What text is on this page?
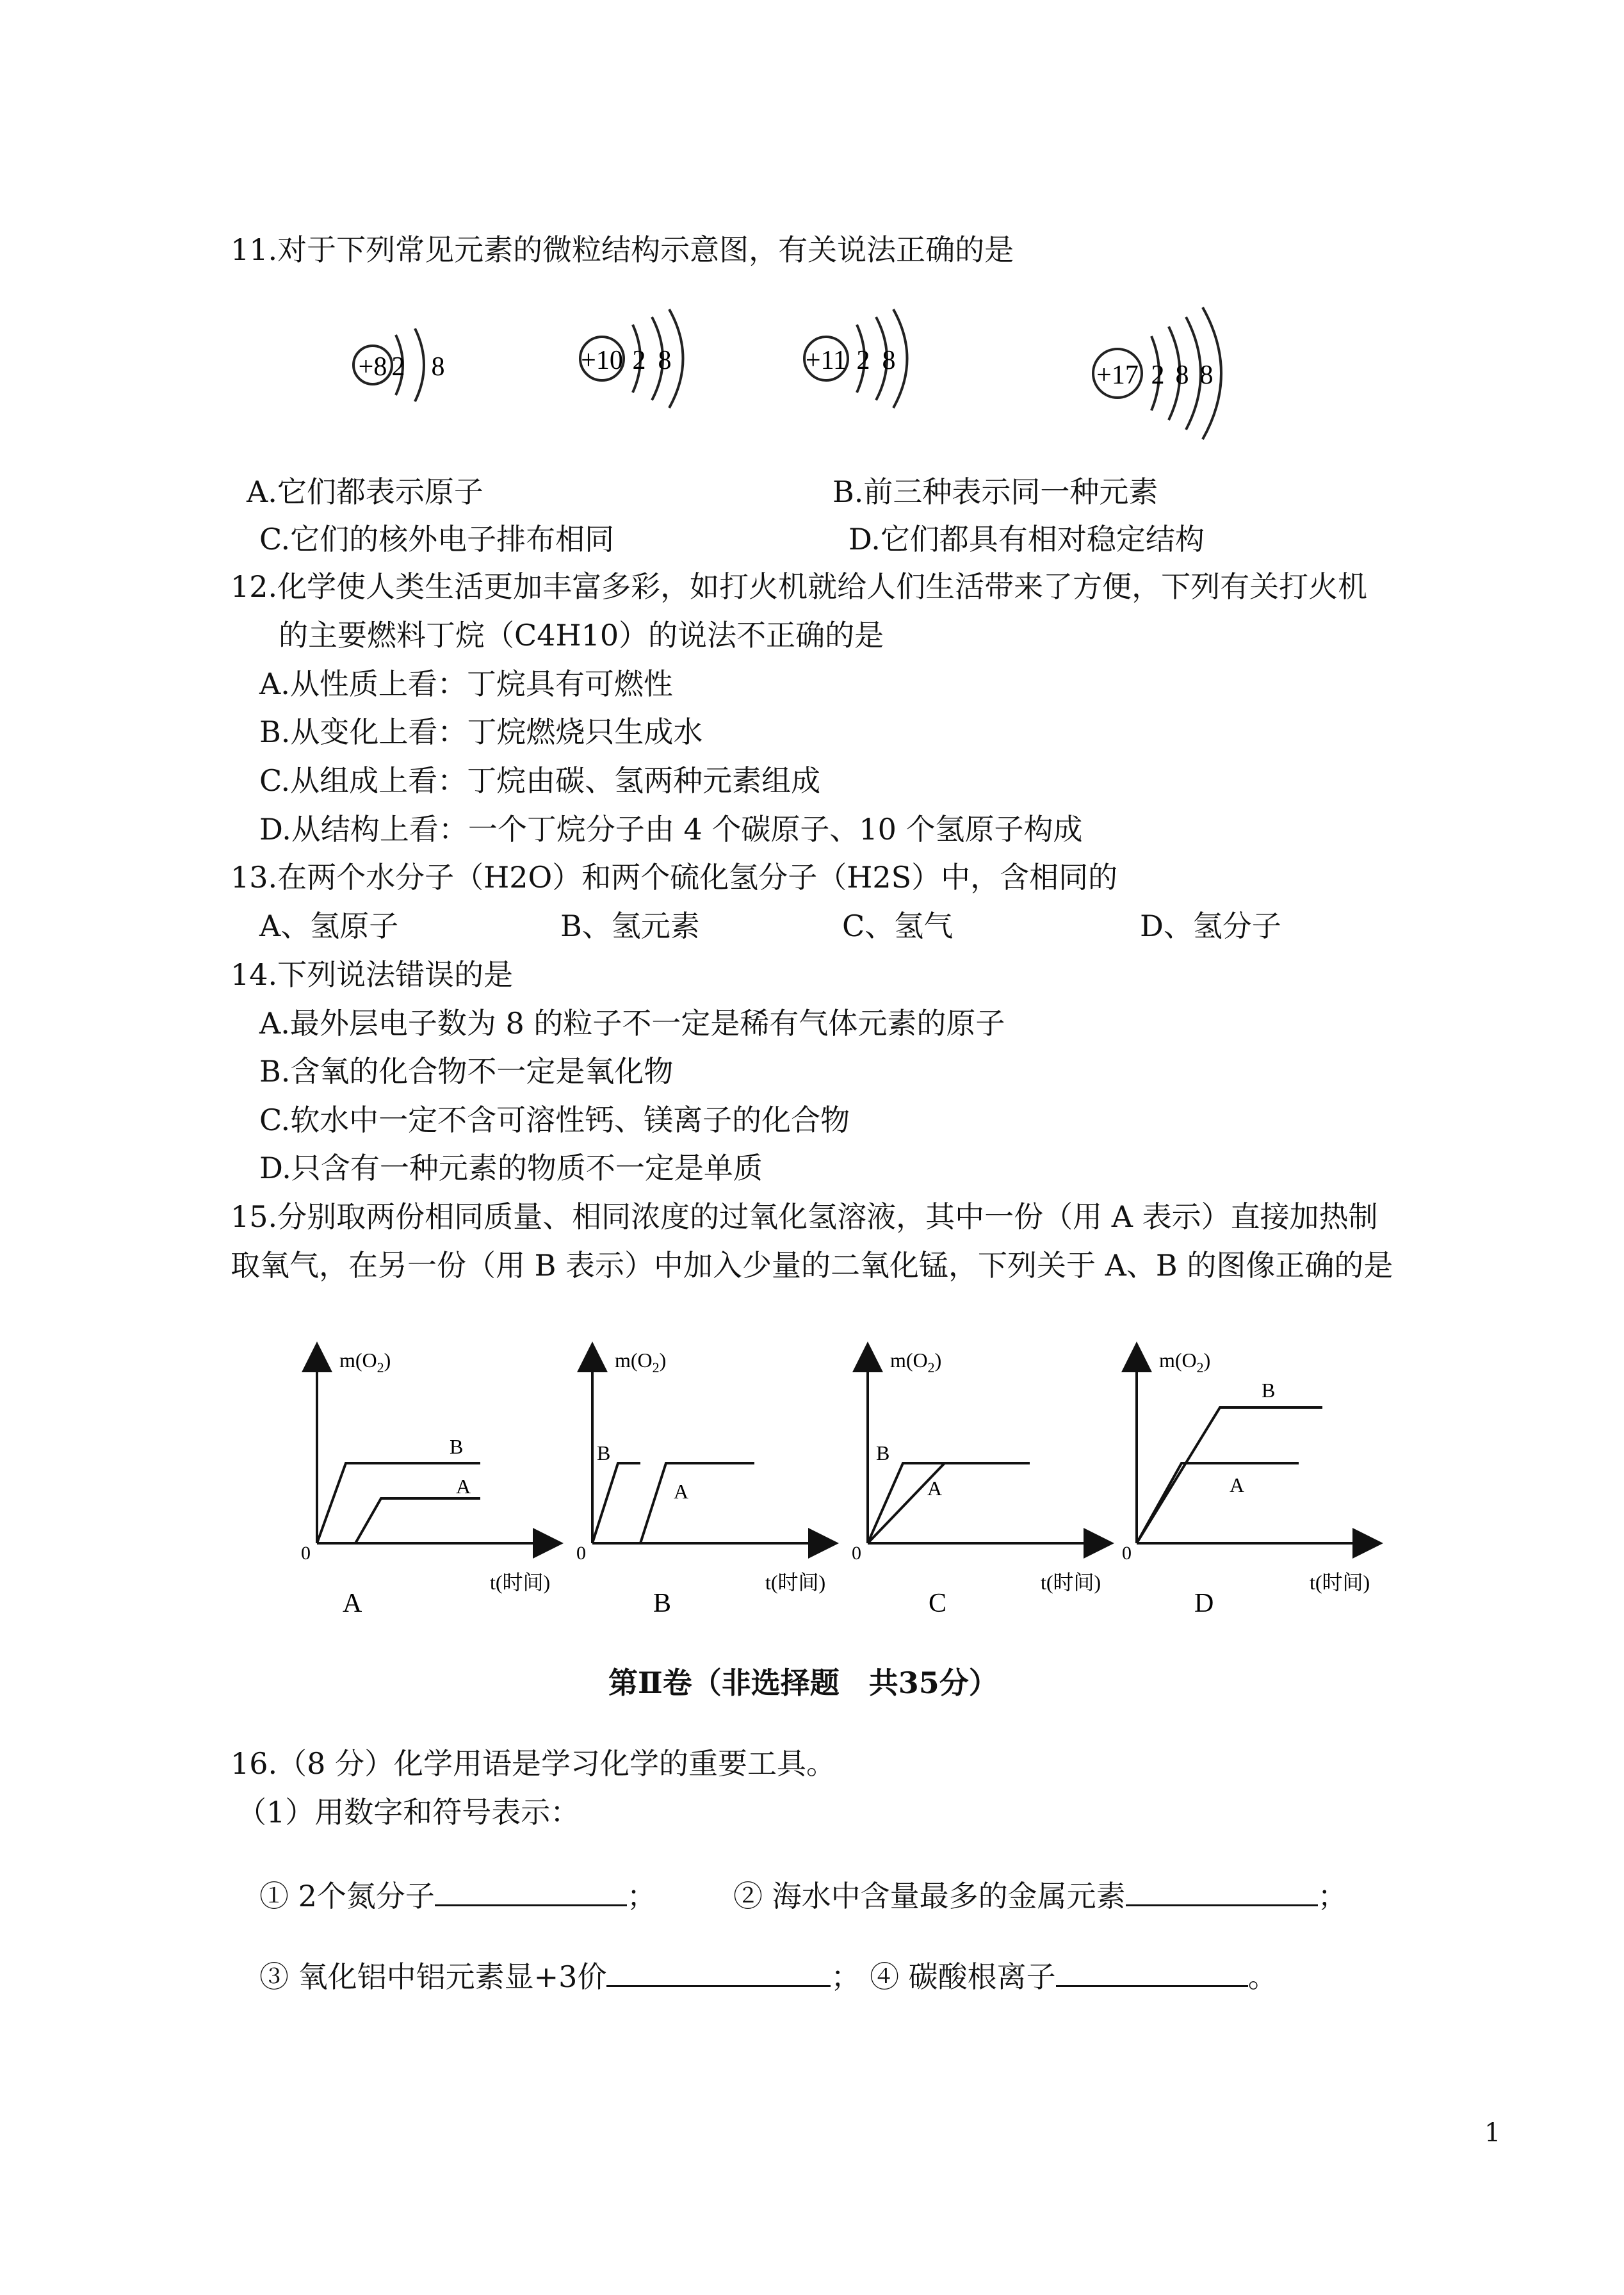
11.对于下列常见元素的微粒结构示意图，有关说法正确的是
+8 2 8	+10 2 8	+11 2 8	+17 2 8 8
A.它们都表示原子	B.前三种表示同一种元素
C.它们的核外电子排布相同	D.它们都具有相对稳定结构
12.化学使人类生活更加丰富多彩，如打火机就给人们生活带来了方便，下列有关打火机
的主要燃料丁烷（C4H10）的说法不正确的是
A.从性质上看：丁烷具有可燃性
B.从变化上看：丁烷燃烧只生成水
C.从组成上看：丁烷由碳、氢两种元素组成
D.从结构上看：一个丁烷分子由 4 个碳原子、10 个氢原子构成
13.在两个水分子（H2O）和两个硫化氢分子（H2S）中，含相同的
A、氢原子	B、氢元素	C、氢气	D、氢分子
14.下列说法错误的是
A.最外层电子数为 8 的粒子不一定是稀有气体元素的原子
B.含氧的化合物不一定是氧化物
C.软水中一定不含可溶性钙、镁离子的化合物
D.只含有一种元素的物质不一定是单质
15.分别取两份相同质量、相同浓度的过氧化氢溶液，其中一份（用 A 表示）直接加热制
取氧气，在另一份（用 B 表示）中加入少量的二氧化锰，下列关于 A、B 的图像正确的是
$m(O_2)$
0
t(时间)
A
B
A
$m(O_2)$
0
t(时间)
B
B
A
$m(O_2)$
0
t(时间)
C
B
A
$m(O_2)$
0
t(时间)
D
B
A
第Ⅱ卷（非选择题　共35分）
16.（8 分）化学用语是学习化学的重要工具。
（1）用数字和符号表示：
① 2个氮分子	；	② 海水中含量最多的金属元素	；
③ 氧化铝中铝元素显+3价	； ④ 碳酸根离子	。
1
